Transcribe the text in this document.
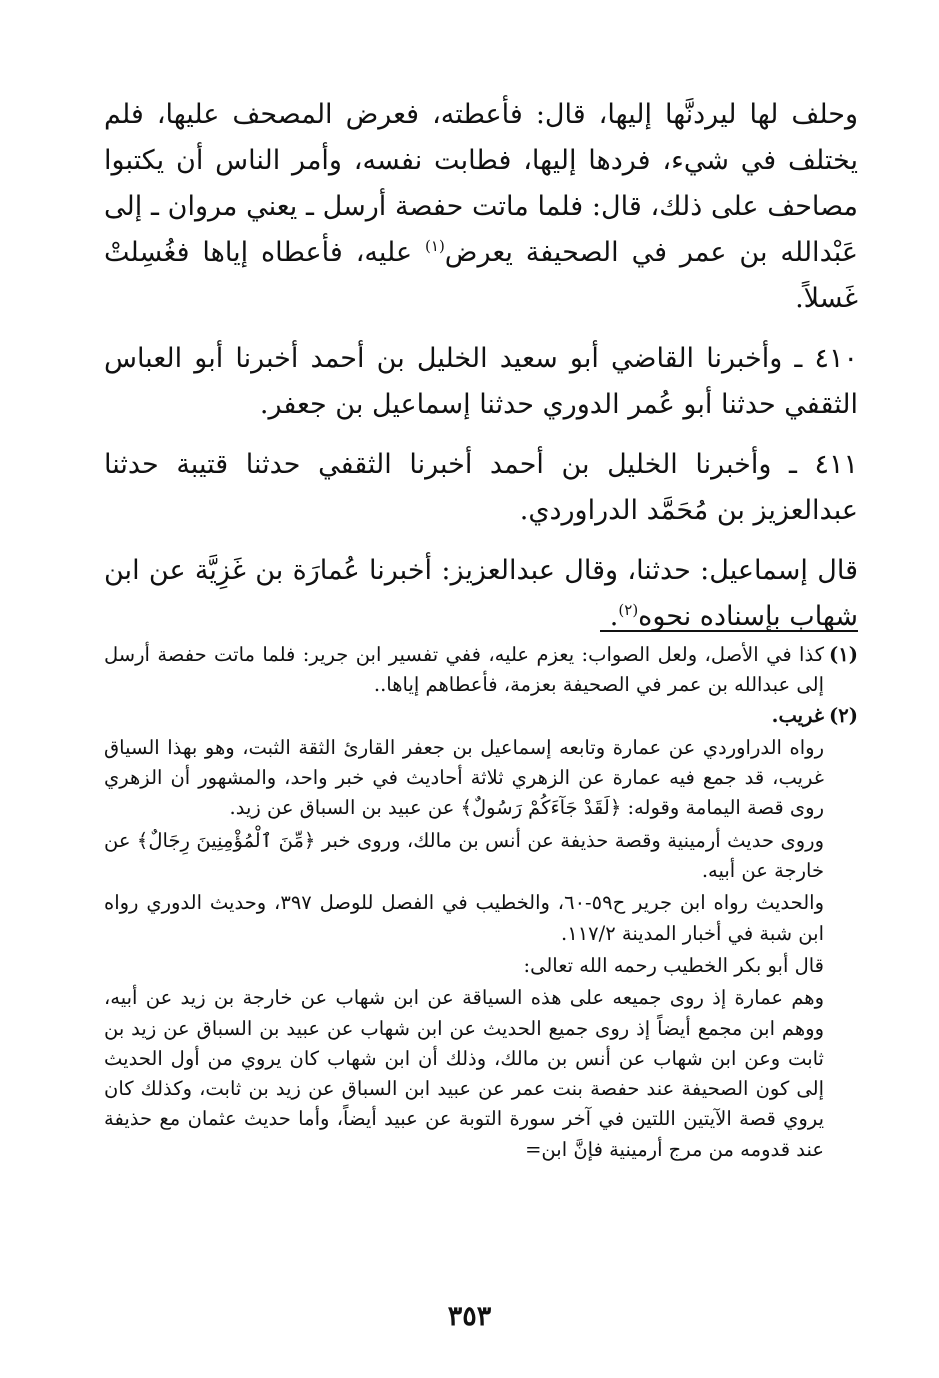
وحلف لها ليردنَّها إليها، قال: فأعطته، فعرض المصحف عليها، فلم يختلف في شيء، فردها إليها، فطابت نفسه، وأمر الناس أن يكتبوا مصاحف على ذلك، قال: فلما ماتت حفصة أرسل ـ يعني مروان ـ إلى عَبْدالله بن عمر في الصحيفة يعرض$^{(١)}$ عليه، فأعطاه إياها فغُسِلتْ غَسلاً.

٤١٠ ـ وأخبرنا القاضي أبو سعيد الخليل بن أحمد أخبرنا أبو العباس الثقفي حدثنا أبو عُمر الدوري حدثنا إسماعيل بن جعفر.

٤١١ ـ وأخبرنا الخليل بن أحمد أخبرنا الثقفي حدثنا قتيبة حدثنا عبدالعزيز بن مُحَمَّد الدراوردي.

قال إسماعيل: حدثنا، وقال عبدالعزيز: أخبرنا عُمارَة بن غَزِيَّة عن ابن شهاب بإسناده نحوه$^{(٢)}$.

(١)

كذا في الأصل، ولعل الصواب: يعزم عليه، ففي تفسير ابن جرير: فلما ماتت حفصة أرسل إلى عبدالله بن عمر في الصحيفة بعزمة، فأعطاهم إياها..

(٢)

غريب.

رواه الدراوردي عن عمارة وتابعه إسماعيل بن جعفر القارئ الثقة الثبت، وهو بهذا السياق غريب، قد جمع فيه عمارة عن الزهري ثلاثة أحاديث في خبر واحد، والمشهور أن الزهري روى قصة اليمامة وقوله: ﴿لَقَدْ جَآءَكُمْ رَسُولٌ﴾ عن عبيد بن السباق عن زيد.

وروى حديث أرمينية وقصة حذيفة عن أنس بن مالك، وروى خبر ﴿مِّنَ ٱلْمُؤْمِنِينَ رِجَالٌ﴾ عن خارجة عن أبيه.

والحديث رواه ابن جرير ح٥٩-٦٠، والخطيب في الفصل للوصل ٣٩٧، وحديث الدوري رواه ابن شبة في أخبار المدينة ١١٧/٢.

قال أبو بكر الخطيب رحمه الله تعالى:

وهم عمارة إذ روى جميعه على هذه السياقة عن ابن شهاب عن خارجة بن زيد عن أبيه، ووهم ابن مجمع أيضاً إذ روى جميع الحديث عن ابن شهاب عن عبيد بن السباق عن زيد بن ثابت وعن ابن شهاب عن أنس بن مالك، وذلك أن ابن شهاب كان يروي من أول الحديث إلى كون الصحيفة عند حفصة بنت عمر عن عبيد ابن السباق عن زيد بن ثابت، وكذلك كان يروي قصة الآيتين اللتين في آخر سورة التوبة عن عبيد أيضاً، وأما حديث عثمان مع حذيفة عند قدومه من مرج أرمينية فإنَّ ابن=

٣٥٣
